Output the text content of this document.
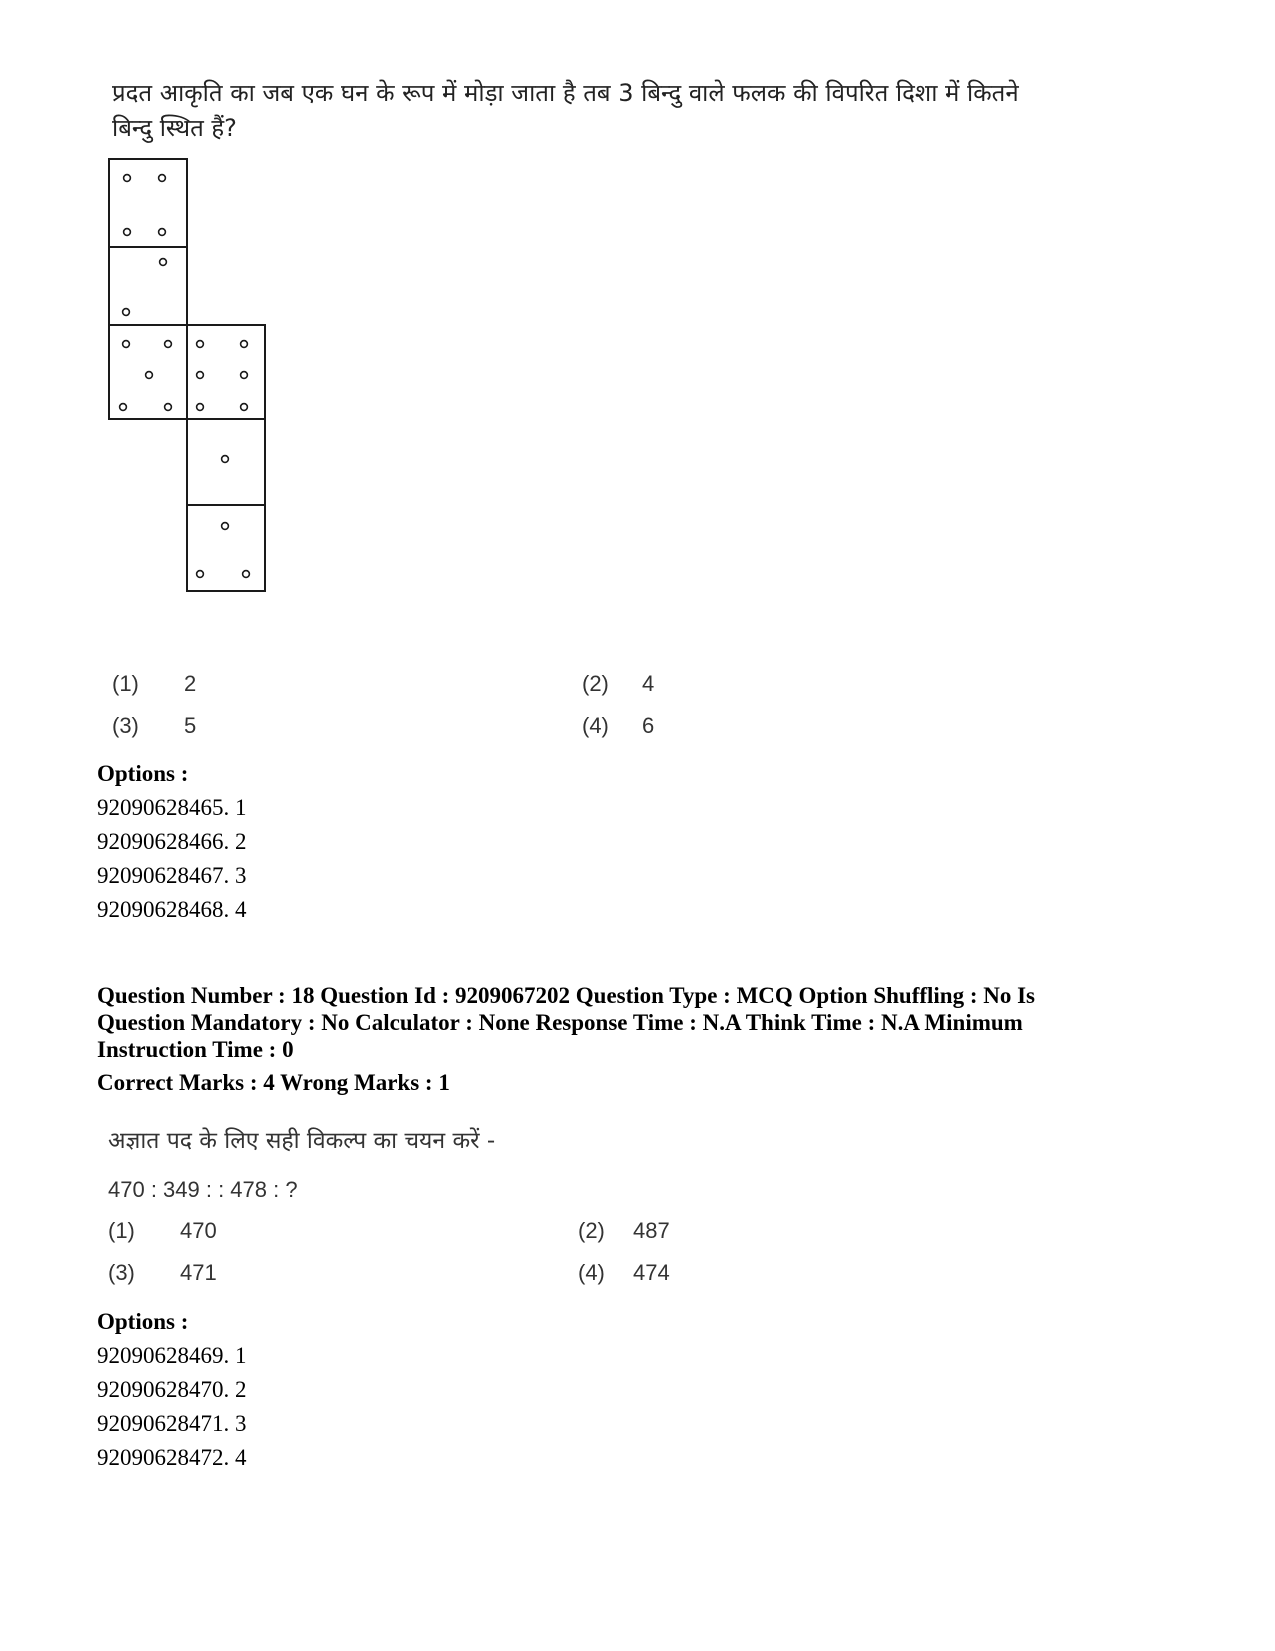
प्रदत आकृति का जब एक घन के रूप में मोड़ा जाता है तब 3 बिन्दु वाले फलक की विपरित दिशा में कितने
बिन्दु स्थित हैं?
(1)	2	(2)	4
(3)	5	(4)	6
Options :
92090628465. 1
92090628466. 2
92090628467. 3
92090628468. 4
Question Number : 18 Question Id : 9209067202 Question Type : MCQ Option Shuffling : No Is
Question Mandatory : No Calculator : None Response Time : N.A Think Time : N.A Minimum
Instruction Time : 0
Correct Marks : 4 Wrong Marks : 1
अज्ञात पद के लिए सही विकल्प का चयन करें -
470 : 349 : : 478 : ?
(1)	470	(2)	487
(3)	471	(4)	474
Options :
92090628469. 1
92090628470. 2
92090628471. 3
92090628472. 4
